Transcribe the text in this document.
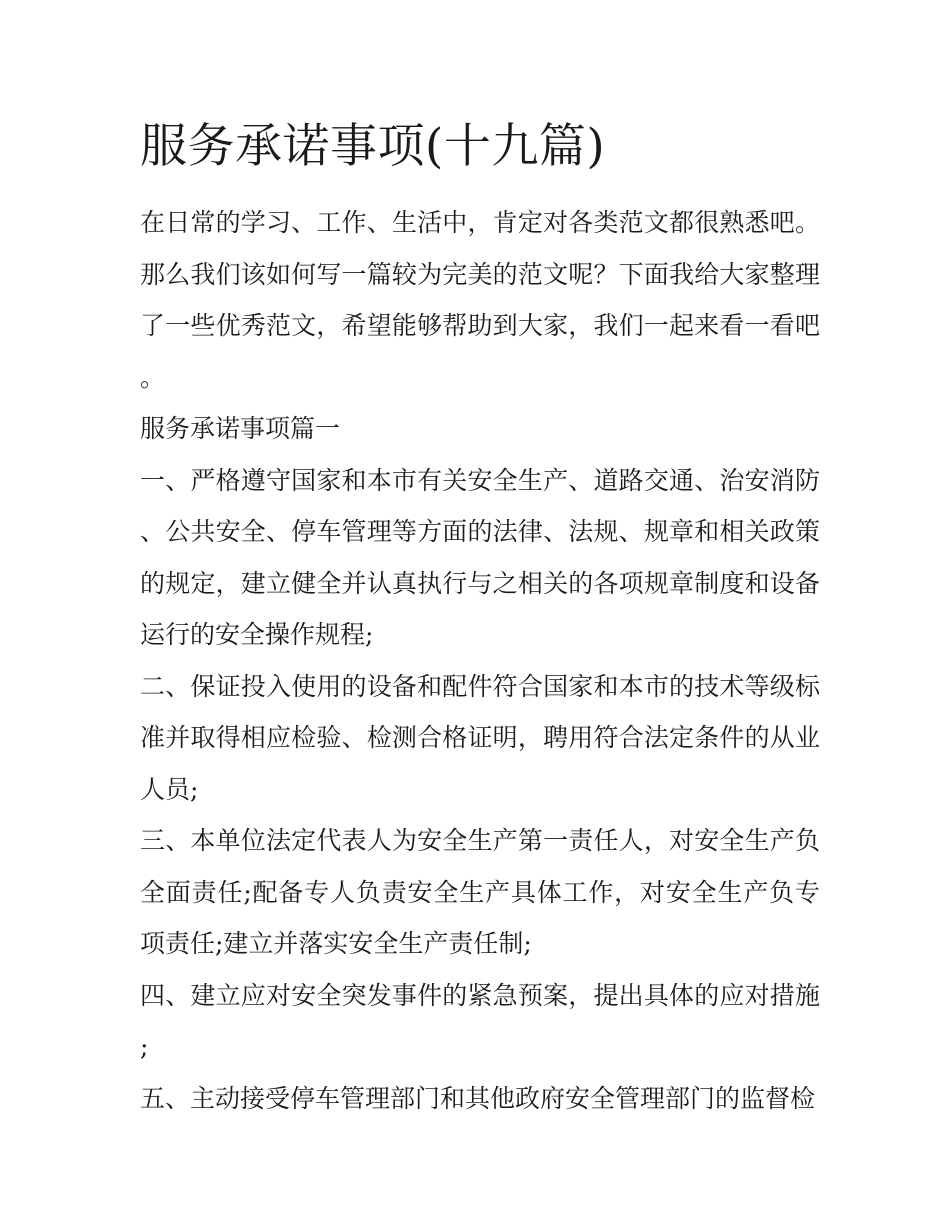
服务承诺事项(十九篇)

在日常的学习、工作、生活中，肯定对各类范文都很熟悉吧。那么我们该如何写一篇较为完美的范文呢？下面我给大家整理了一些优秀范文，希望能够帮助到大家，我们一起来看一看吧。

服务承诺事项篇一

一、严格遵守国家和本市有关安全生产、道路交通、治安消防、公共安全、停车管理等方面的法律、法规、规章和相关政策的规定，建立健全并认真执行与之相关的各项规章制度和设备运行的安全操作规程;

二、保证投入使用的设备和配件符合国家和本市的技术等级标准并取得相应检验、检测合格证明，聘用符合法定条件的从业人员;

三、本单位法定代表人为安全生产第一责任人，对安全生产负全面责任;配备专人负责安全生产具体工作，对安全生产负专项责任;建立并落实安全生产责任制;

四、建立应对安全突发事件的紧急预案，提出具体的应对措施;

五、主动接受停车管理部门和其他政府安全管理部门的监督检
